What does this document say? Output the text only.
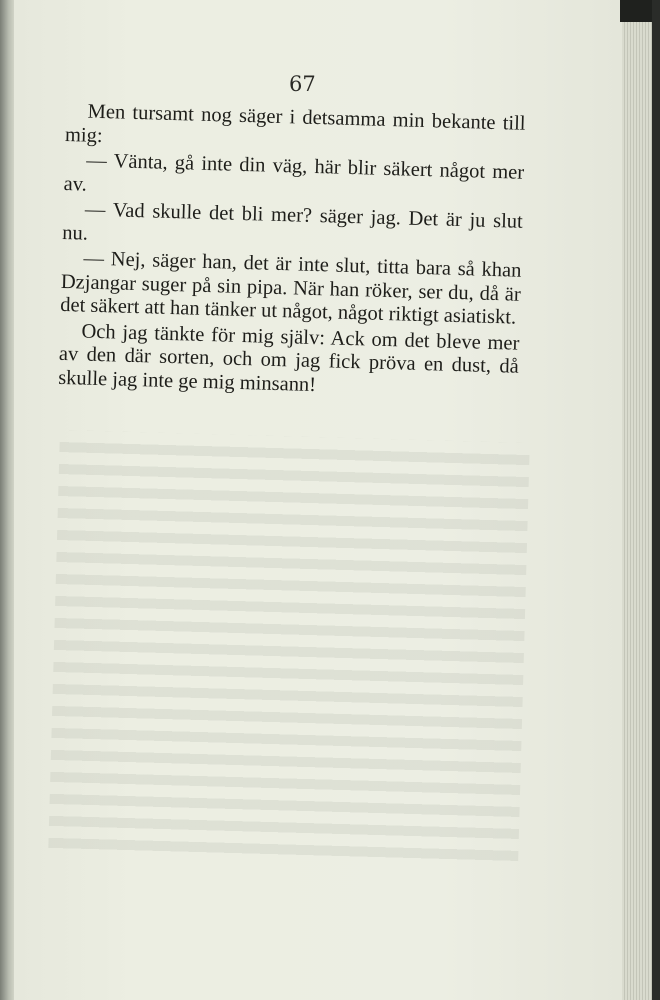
67

Men tursamt nog säger i detsamma min bekante till mig:

— Vänta, gå inte din väg, här blir säkert något mer av.

— Vad skulle det bli mer? säger jag. Det är ju slut nu.

— Nej, säger han, det är inte slut, titta bara så khan Dzjangar suger på sin pipa. När han röker, ser du, då är det säkert att han tänker ut något, något riktigt asiatiskt.

Och jag tänkte för mig själv: Ack om det bleve mer av den där sorten, och om jag fick pröva en dust, då skulle jag inte ge mig minsann!
